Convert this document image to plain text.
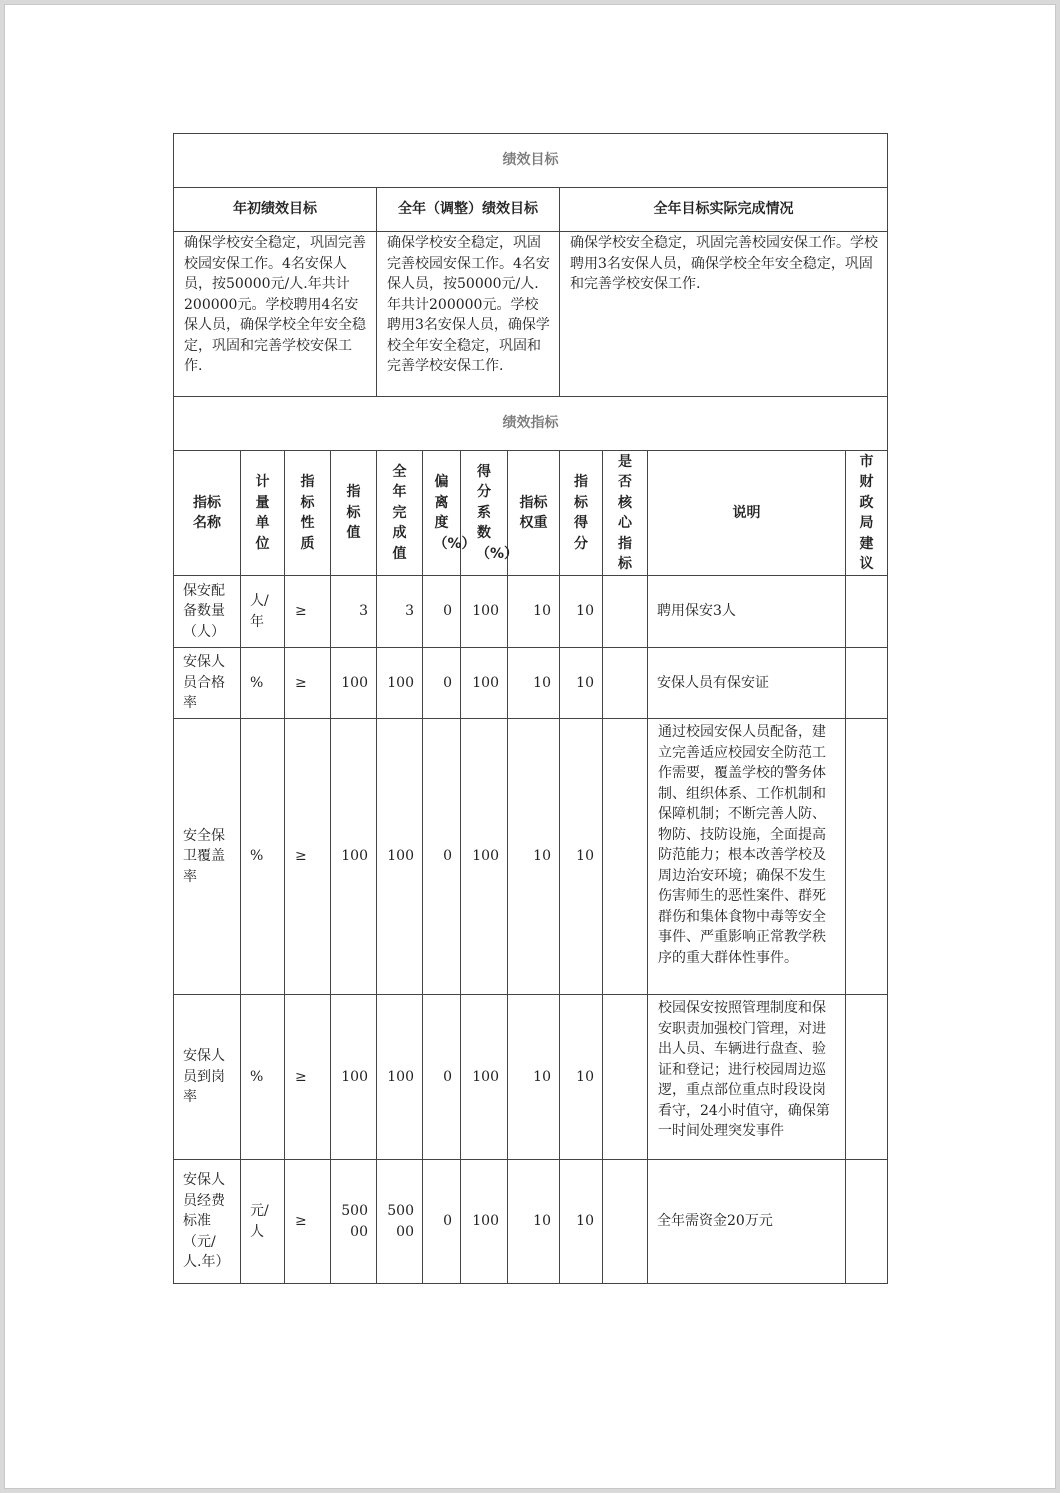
绩效目标											
年初绩效目标				全年（调整）绩效目标				全年目标实际完成情况			

确保学校安全稳定，巩固完善校园安保工作。4名安保人员，按50000元/人.年共计200000元。学校聘用4名安保人员，确保学校全年安全稳定，巩固和完善学校安保工作.				确保学校安全稳定，巩固完善校园安保工作。4名安保人员，按50000元/人.年共计200000元。学校聘用3名安保人员，确保学校全年安全稳定，巩固和完善学校安保工作.				确保学校安全稳定，巩固完善校园安保工作。学校聘用3名安保人员，确保学校全年安全稳定，巩固和完善学校安保工作.			

绩效指标											
指标名称	计量单位	指标性质	指标值	全年完成值	偏离度（%）	得分系数（%）	指标权重	指标得分	是否核心指标	说明	市财政局建议

保安配备数量（人）	人/年	≥	3	3	0	100	10	10		聘用保安3人	

安保人员合格率	%	≥	100	100	0	100	10	10		安保人员有保安证	

安全保卫覆盖率	%	≥	100	100	0	100	10	10		通过校园安保人员配备，建立完善适应校园安全防范工作需要，覆盖学校的警务体制、组织体系、工作机制和保障机制；不断完善人防、物防、技防设施，全面提高防范能力；根本改善学校及周边治安环境；确保不发生伤害师生的恶性案件、群死群伤和集体食物中毒等安全事件、严重影响正常教学秩序的重大群体性事件。	

安保人员到岗率	%	≥	100	100	0	100	10	10		校园保安按照管理制度和保安职责加强校门管理，对进出人员、车辆进行盘查、验证和登记；进行校园周边巡逻，重点部位重点时段设岗看守，24小时值守，确保第一时间处理突发事件	

安保人员经费标准（元/人.年）	元/人	≥	50000	50000	0	100	10	10		全年需资金20万元	
